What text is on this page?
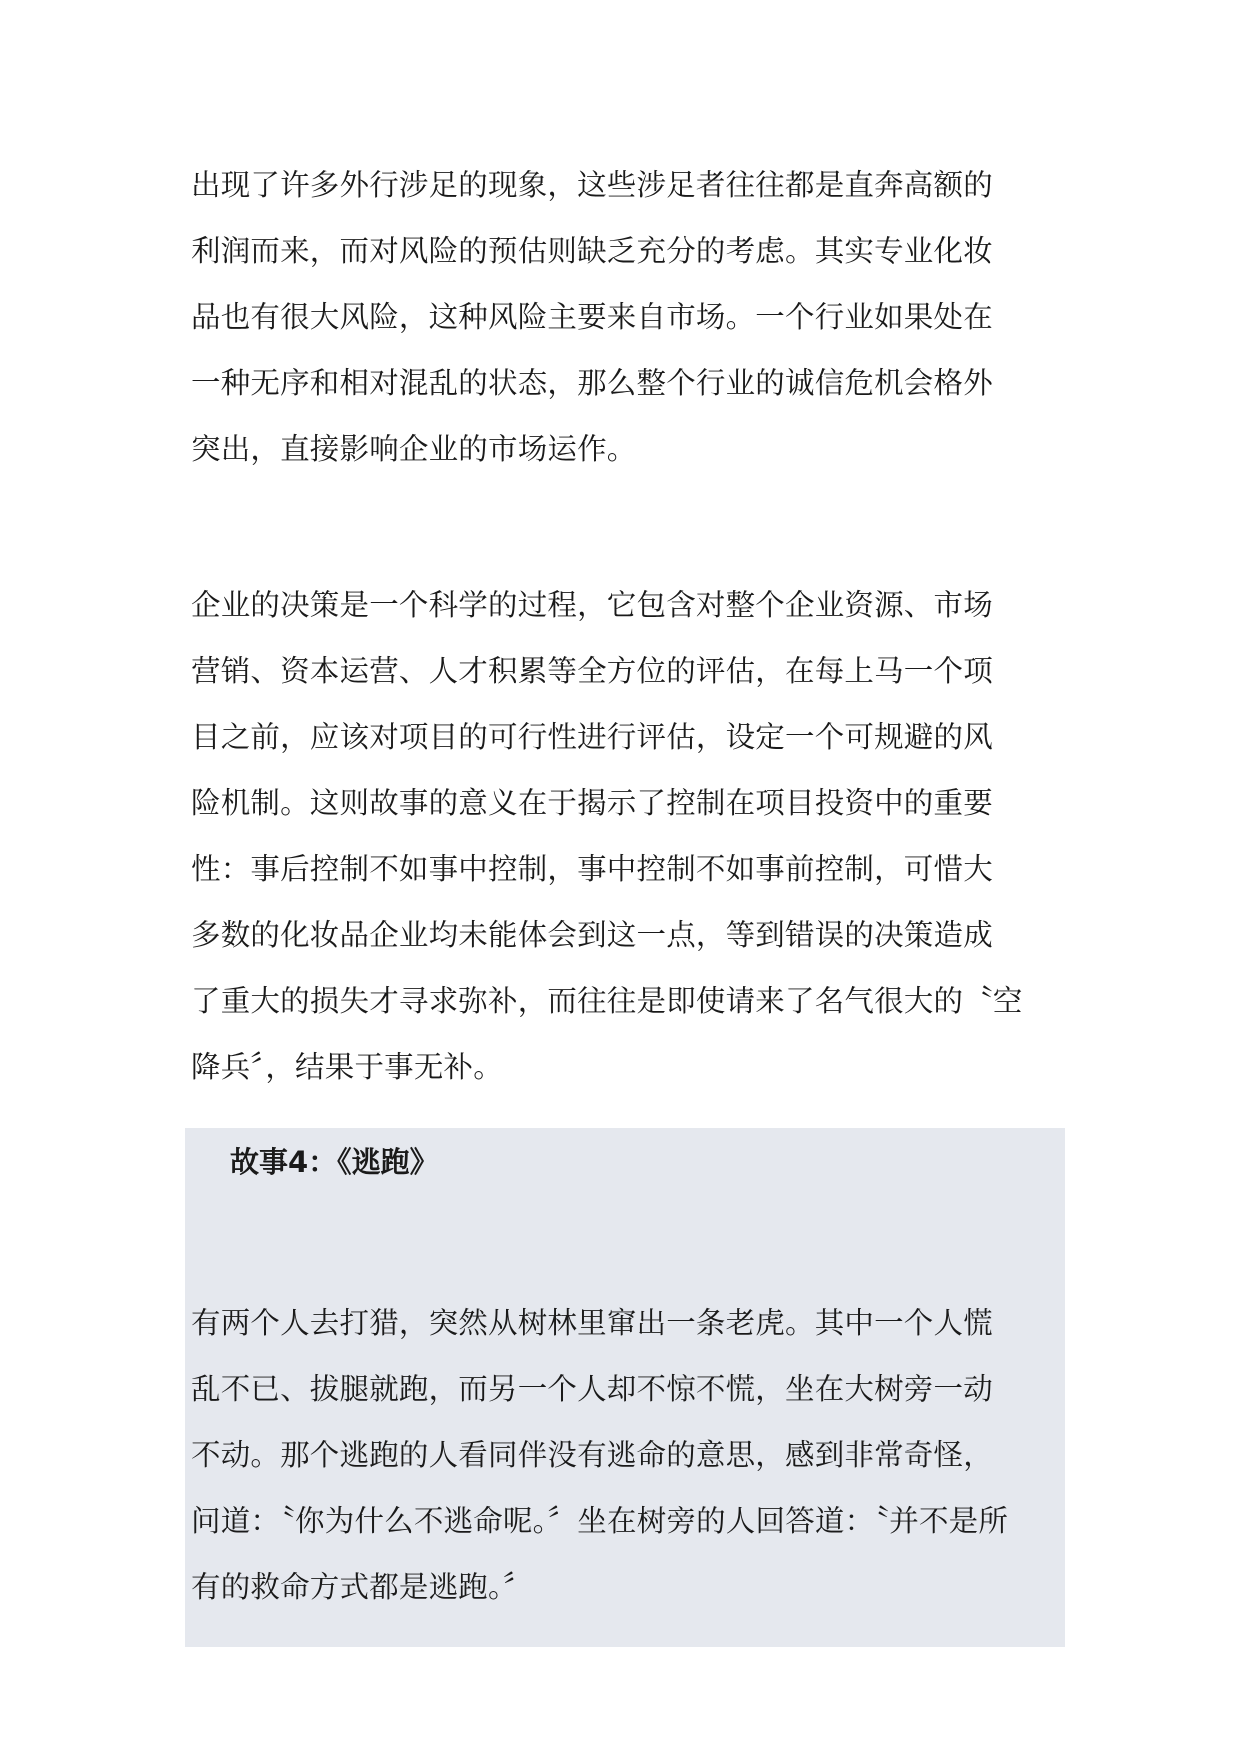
出现了许多外行涉足的现象，这些涉足者往往都是直奔高额的
利润而来，而对风险的预估则缺乏充分的考虑。其实专业化妆
品也有很大风险，这种风险主要来自市场。一个行业如果处在
一种无序和相对混乱的状态，那么整个行业的诚信危机会格外
突出，直接影响企业的市场运作。

企业的决策是一个科学的过程，它包含对整个企业资源、市场
营销、资本运营、人才积累等全方位的评估，在每上马一个项
目之前，应该对项目的可行性进行评估，设定一个可规避的风
险机制。这则故事的意义在于揭示了控制在项目投资中的重要
性：事后控制不如事中控制，事中控制不如事前控制，可惜大
多数的化妆品企业均未能体会到这一点，等到错误的决策造成
了重大的损失才寻求弥补，而往往是即使请来了名气很大的〝空
降兵〞，结果于事无补。

故事4：《逃跑》

有两个人去打猎，突然从树林里窜出一条老虎。其中一个人慌
乱不已、拔腿就跑，而另一个人却不惊不慌，坐在大树旁一动
不动。那个逃跑的人看同伴没有逃命的意思，感到非常奇怪，
问道：〝你为什么不逃命呢。〞坐在树旁的人回答道：〝并不是所
有的救命方式都是逃跑。〞
